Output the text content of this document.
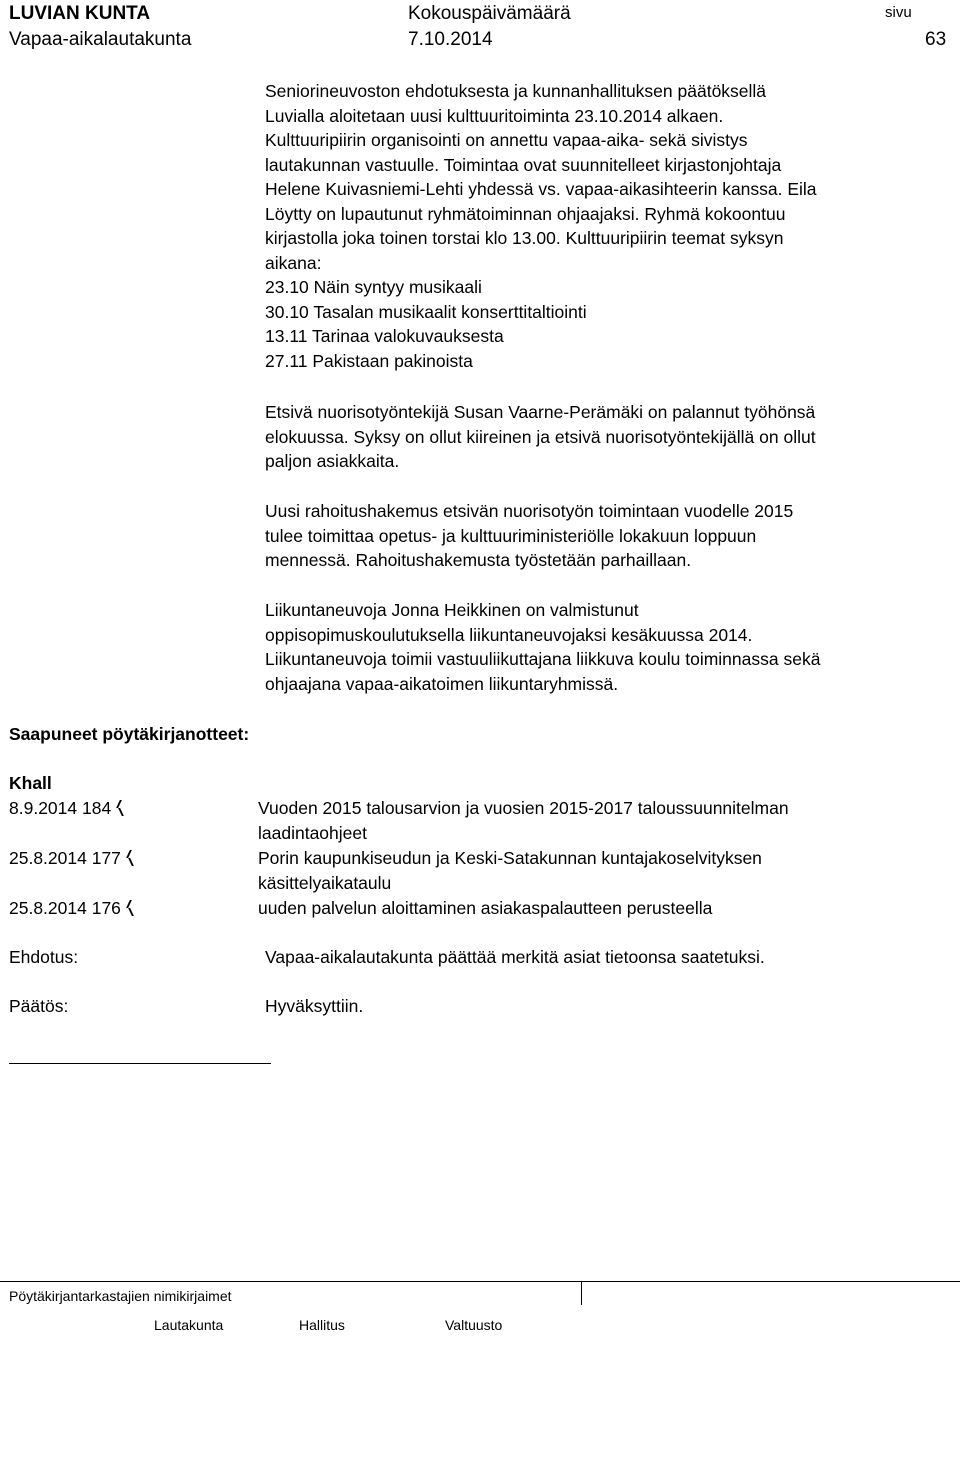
LUVIAN KUNTA
Vapaa-aikalautakunta
Kokouspäivämäärä
7.10.2014
sivu
63
Seniorineuvoston ehdotuksesta ja kunnanhallituksen päätöksellä
Luvialla aloitetaan uusi kulttuuritoiminta 23.10.2014 alkaen.
Kulttuuripiirin organisointi on annettu vapaa-aika- sekä sivistys
lautakunnan vastuulle. Toimintaa ovat suunnitelleet kirjastonjohtaja
Helene Kuivasniemi-Lehti yhdessä vs. vapaa-aikasihteerin kanssa. Eila
Löytty on lupautunut ryhmätoiminnan ohjaajaksi. Ryhmä kokoontuu
kirjastolla joka toinen torstai klo 13.00. Kulttuuripiirin teemat syksyn
aikana:
23.10 Näin syntyy musikaali
30.10 Tasalan musikaalit konserttitaltiointi
13.11 Tarinaa valokuvauksesta
27.11 Pakistaan pakinoista
Etsivä nuorisotyöntekijä Susan Vaarne-Perämäki on palannut työhönsä
elokuussa. Syksy on ollut kiireinen ja etsivä nuorisotyöntekijällä on ollut
paljon asiakkaita.
Uusi rahoitushakemus etsivän nuorisotyön toimintaan vuodelle 2015
tulee toimittaa opetus- ja kulttuuriministeriölle lokakuun loppuun
mennessä. Rahoitushakemusta työstetään parhaillaan.
Liikuntaneuvoja Jonna Heikkinen on valmistunut
oppisopimuskoulutuksella liikuntaneuvojaksi kesäkuussa 2014.
Liikuntaneuvoja toimii vastuuliikuttajana liikkuva koulu toiminnassa sekä
ohjaajana vapaa-aikatoimen liikuntaryhmissä.
Saapuneet pöytäkirjanotteet:
Khall
8.9.2014 184	Vuoden 2015 talousarvion ja vuosien 2015-2017 taloussuunnitelman
laadintaohjeet
25.8.2014 177	Porin kaupunkiseudun ja Keski-Satakunnan kuntajakoselvityksen
käsittelyaikataulu
25.8.2014 176	uuden palvelun aloittaminen asiakaspalautteen perusteella
Ehdotus:	Vapaa-aikalautakunta päättää merkitä asiat tietoonsa saatetuksi.
Päätös:	Hyväksyttiin.
Pöytäkirjantarkastajien nimikirjaimet
Lautakunta	Hallitus	Valtuusto
